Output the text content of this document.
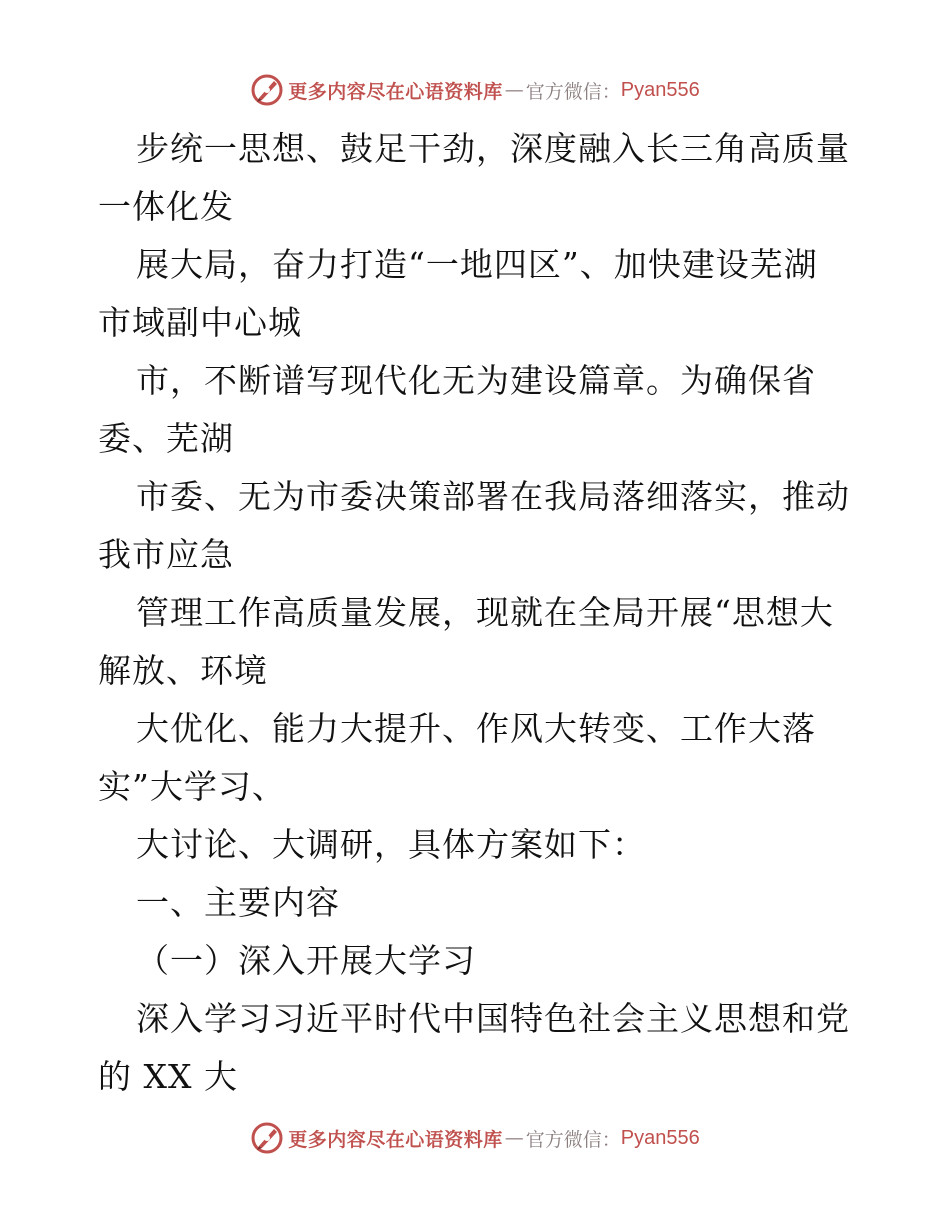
更多内容尽在心语资料库 — 官方微信： Pyan556
步统一思想、鼓足干劲，深度融入长三角高质量
一体化发
展大局，奋力打造“一地四区”、加快建设芜湖
市域副中心城
市，不断谱写现代化无为建设篇章。为确保省
委、芜湖
市委、无为市委决策部署在我局落细落实，推动
我市应急
管理工作高质量发展，现就在全局开展“思想大
解放、环境
大优化、能力大提升、作风大转变、工作大落
实”大学习、
大讨论、大调研，具体方案如下：
一、主要内容
（一）深入开展大学习
深入学习习近平时代中国特色社会主义思想和党
的 XX 大
更多内容尽在心语资料库 — 官方微信： Pyan556
